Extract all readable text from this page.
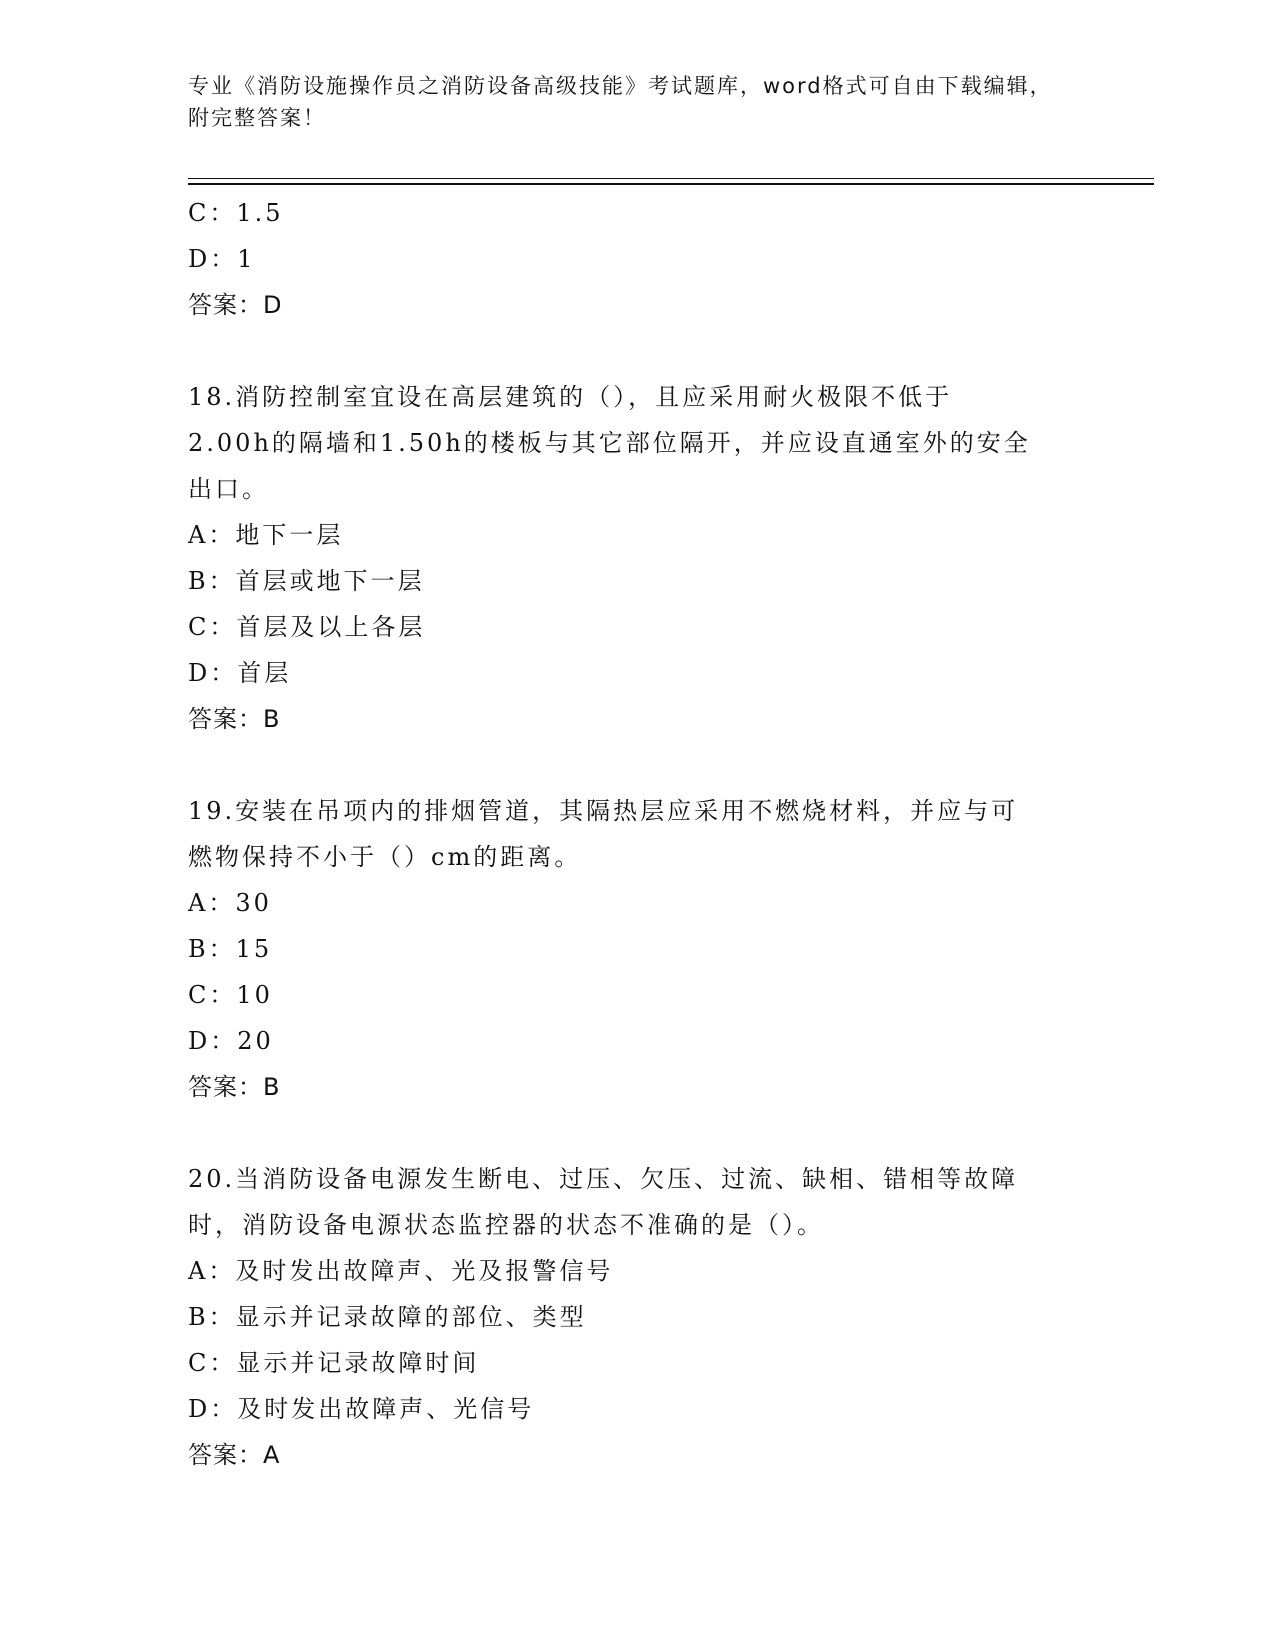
专业《消防设施操作员之消防设备高级技能》考试题库，word格式可自由下载编辑，附完整答案！
C：1.5
D：1
答案：D
18.消防控制室宜设在高层建筑的（），且应采用耐火极限不低于
2.00h的隔墙和1.50h的楼板与其它部位隔开，并应设直通室外的安全
出口。
A：地下一层
B：首层或地下一层
C：首层及以上各层
D：首层
答案：B
19.安装在吊项内的排烟管道，其隔热层应采用不燃烧材料，并应与可
燃物保持不小于（）cm的距离。
A：30
B：15
C：10
D：20
答案：B
20.当消防设备电源发生断电、过压、欠压、过流、缺相、错相等故障
时，消防设备电源状态监控器的状态不准确的是（）。
A：及时发出故障声、光及报警信号
B：显示并记录故障的部位、类型
C：显示并记录故障时间
D：及时发出故障声、光信号
答案：A
